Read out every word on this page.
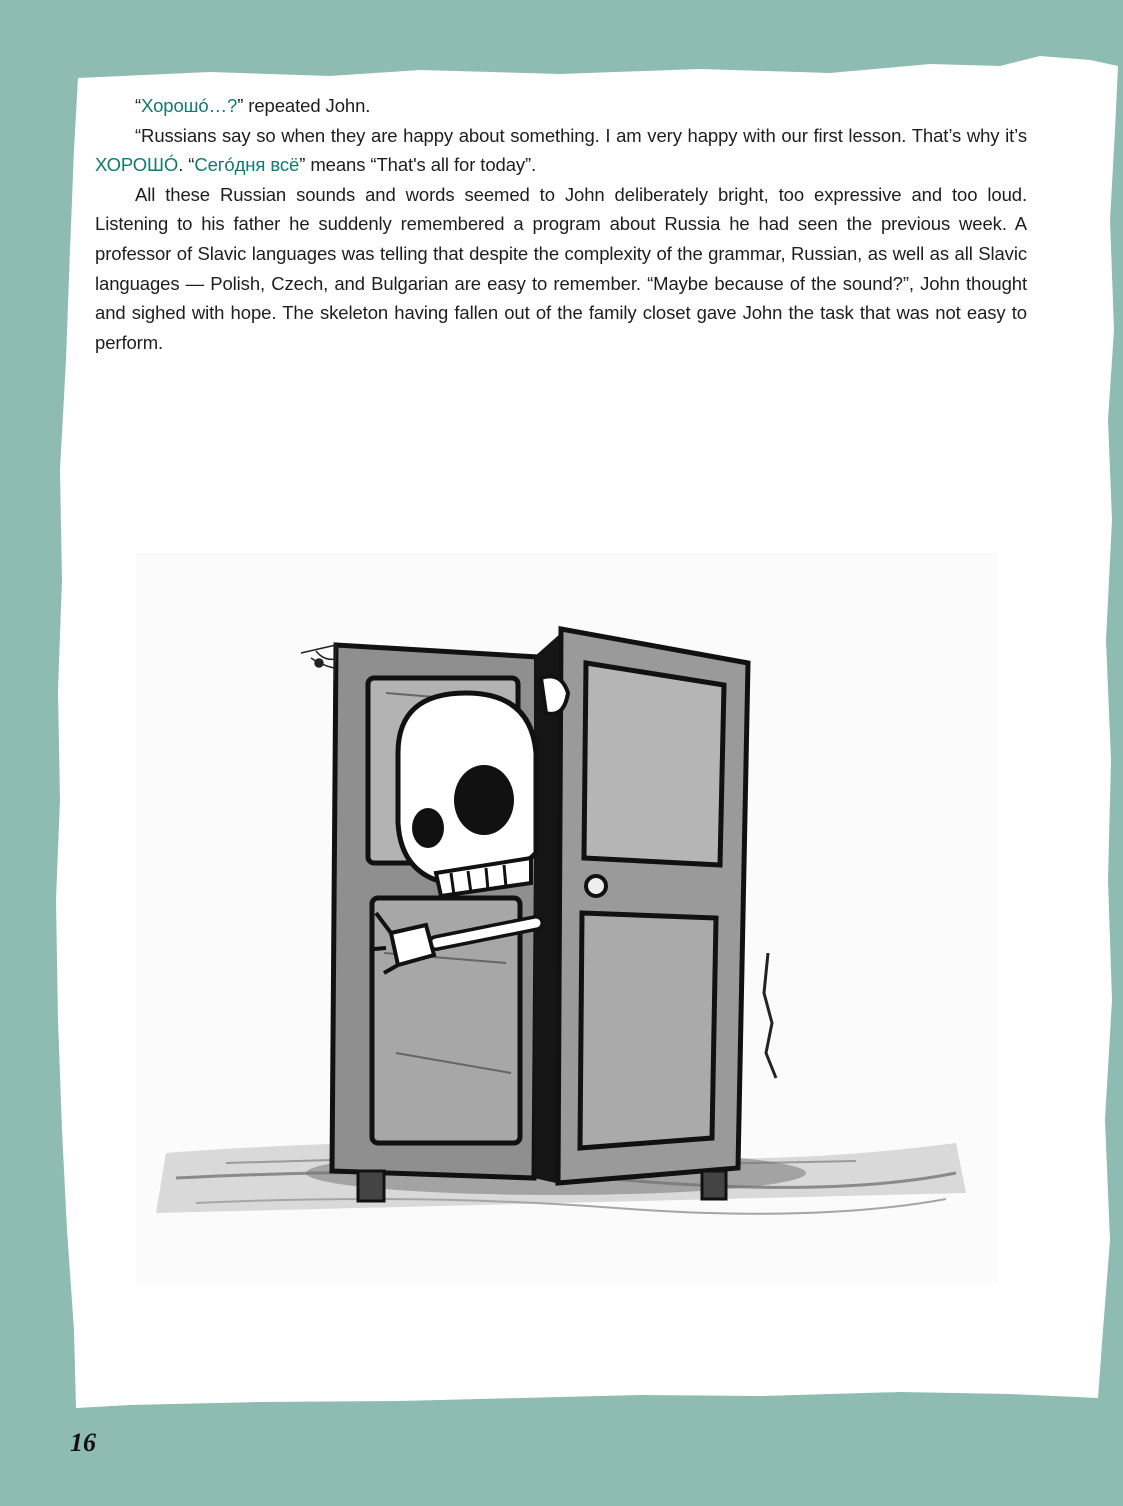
“Хорошó…?” repeated John.

“Russians say so when they are happy about something. I am very happy with our first lesson. That’s why it’s ХОРОШÓ. “Сегóдня всё” means “That's all for today”.

All these Russian sounds and words seemed to John deliberately bright, too expressive and too loud. Listening to his father he suddenly remembered a program about Russia he had seen the previous week. A professor of Slavic languages was telling that despite the complexity of the grammar, Russian, as well as all Slavic languages — Polish, Czech, and Bulgarian are easy to remember. “Maybe because of the sound?”, John thought and sighed with hope. The skeleton having fallen out of the family closet gave John the task that was not easy to perform.

16
